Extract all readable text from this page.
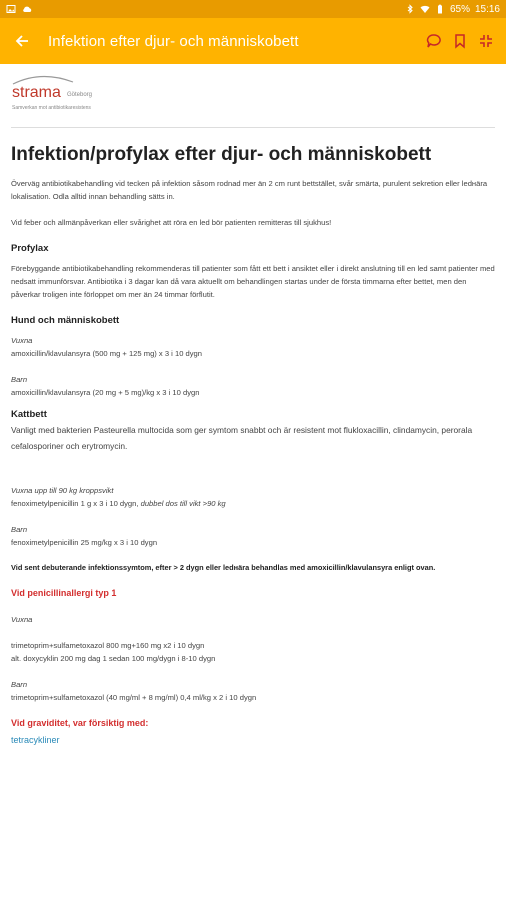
65% 15:16
Infektion efter djur- och människobett
strama Göteborg
Samverkan mot antibiotikaresistens
Infektion/profylax efter djur- och människobett

Överväg antibiotikabehandling vid tecken på infektion såsom rodnad mer än 2 cm runt bettstället, svår smärta, purulent sekretion eller ledнära lokalisation. Odla alltid innan behandling sätts in.

Vid feber och allmänpåverkan eller svårighet att röra en led bör patienten remitteras till sjukhus!

Profylax

Förebyggande antibiotikabehandling rekommenderas till patienter som fått ett bett i ansiktet eller i direkt anslutning till en led samt patienter med nedsatt immunförsvar. Antibiotika i 3 dagar kan då vara aktuellt om behandlingen startas under de första timmarna efter bettet, men den påverkar troligen inte förloppet om mer än 24 timmar förflutit.

Hund och människobett

Vuxna

amoxicillin/klavulansyra (500 mg + 125 mg) x 3 i 10 dygn

Barn

amoxicillin/klavulansyra (20 mg + 5 mg)/kg x 3 i 10 dygn

Kattbett

Vanligt med bakterien Pasteurella multocida som ger symtom snabbt och är resistent mot flukloxacillin, clindamycin, perorala cefalosporiner och erytromycin.

Vuxna upp till 90 kg kroppsvikt

fenoximetylpenicillin 1 g x 3 i 10 dygn, dubbel dos till vikt >90 kg

Barn

fenoximetylpenicillin 25 mg/kg x 3 i 10 dygn

Vid sent debuterande infektionssymtom, efter > 2 dygn eller ledнära behandlas med amoxicillin/klavulansyra enligt ovan.

Vid penicillinallergi typ 1

Vuxna

trimetoprim+sulfametoxazol 800 mg+160 mg x2 i 10 dygn

alt. doxycyklin 200 mg dag 1 sedan 100 mg/dygn i 8-10 dygn

Barn

trimetoprim+sulfametoxazol (40 mg/ml + 8 mg/ml) 0,4 ml/kg x 2 i 10 dygn

Vid graviditet, var försiktig med:

tetracykliner
